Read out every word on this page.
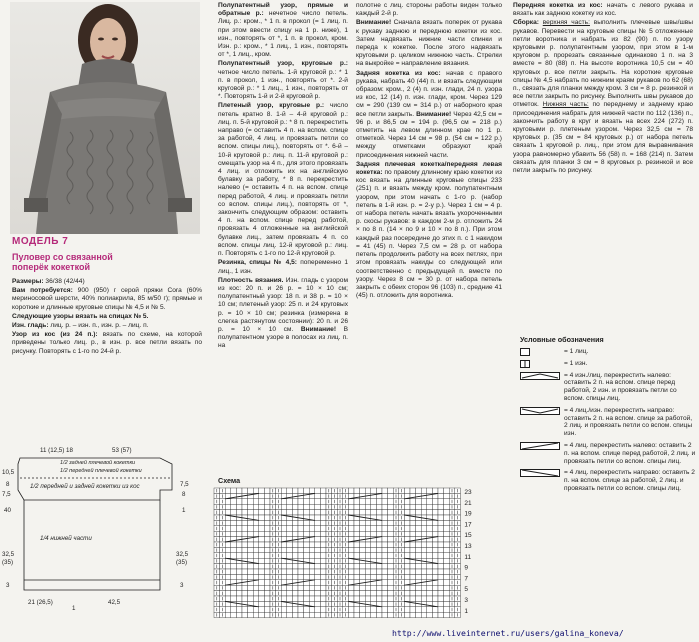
МОДЕЛЬ 7
Пуловер со связанной поперёк кокеткой

Размеры: 36/38 (42/44)

Вам потребуется: 900 (950) г серой пряжи Cora (60% мериносовой шерсти, 40% полиакрила, 85 м/50 г); прямые и короткие и длинные круговые спицы № 4,5 и № 5.

Следующие узоры вязать на спицах № 5.

Изн. гладь: лиц. р. – изн. п., изн. р. – лиц. п.

Узор из кос (из 24 п.): вязать по схеме, на которой приведены только лиц. р., в изн. р. все петли вязать по рисунку. Повторять с 1-го по 24-й р.

11 (12,5) 18	53 (57)
10,5
8
7,5
40
32,5
(35)
3
7,5
8
1
32,5
(35)
3
21 (26,5)	42,5
1
1/2 задней плечевой кокетки
1/2 передней плечевой кокетки
1/2 передней и задней кокетки из кос
1/4 нижней части

Полупатентный узор, прямые и обратные р.: нечетное число петель. Лиц. р.: кром., * 1 п. в прокол (= 1 лиц. п. при этом ввести спицу на 1 р. ниже), 1 изн., повторять от *, 1 п. в прокол, кром. Изн. р.: кром., * 1 лиц., 1 изн., повторять от *, 1 лиц., кром.

Полупатентный узор, круговые р.: четное число петель. 1-й круговой р.: * 1 п. в прокол, 1 изн., повторять от *. 2-й круговой р.: * 1 лиц., 1 изн., повторять от *. Повторять 1-й и 2-й круговой р.

Плетеный узор, круговые р.: число петель кратно 8. 1-й – 4-й круговой р.: лиц. п. 5-й круговой р.: * 8 п. перекрестить направо (= оставить 4 п. на вспом. спице за работой, 4 лиц. и провязать петли со вспом. спицы лиц.), повторять от *. 6-й – 10-й круговой р.: лиц. п. 11-й круговой р.: смещать узор на 4 п., для этого провязать 4 лиц. и отложить их на английскую булавку за работу, * 8 п. перекрестить налево (= оставить 4 п. на вспом. спице перед работой, 4 лиц. и провязать петли со вспом. спицы лиц.), повторять от *, закончить следующим образом: оставить 4 п. на вспом. спице перед работой, провязать 4 отложенные на английской булавке лиц., затем провязать 4 п. со вспом. спицы лиц. 12-й круговой р.: лиц. п. Повторять с 1-го по 12-й круговой р.

Резинка, спицы № 4,5: попеременно 1 лиц., 1 изн.

Плотность вязания. Изн. гладь с узором из кос: 20 п. и 26 р. = 10 × 10 см; полупатентный узор: 18 п. и 38 р. = 10 × 10 см; плетеный узор: 25 п. и 24 круговых р. = 10 × 10 см; резинка (измерена в слегка растянутом состоянии): 20 п. и 26 р. = 10 × 10 см. Внимание! В полупатентном узоре в полосах из лиц. п. на

полотне с лиц. стороны работы виден только каждый 2-й р.

Внимание! Сначала вязать поперек от рукава к рукаву заднюю и переднюю кокетки из кос. Затем надвязать нижние части спинки и переда к кокетке. После этого надвязать круговыми р. целиком нижнюю часть. Стрелки на выкройке = направление вязания.

Задняя кокетка из кос: начав с правого рукава, набрать 40 (44) п. и вязать следующим образом: кром., 2 (4) п. изн. глади, 24 п. узора из кос, 12 (14) п. изн. глади, кром. Через 129 см = 290 (139 см = 314 р.) от наборного края все петли закрыть. Внимание! Через 42,5 см = 96 р. и 86,5 см = 194 р. (96,5 см = 218 р.) отметить на левом длинном крае по 1 р. отметкой. Через 14 см = 98 р. (54 см = 122 р.) между отметками образуют край присоединения нижней части.

Задняя плечевая кокетка/передняя левая кокетка: по правому длинному краю кокетки из кос вязать на длинные круговые спицы 233 (251) п. и вязать между кром. полупатентным узором, при этом начать с 1-го р. (набор петель в 1-й изн. р. = 2-у р.). Через 1 см = 4 р. от набора петель начать вязать укороченными р. скосы рукавов: в каждом 2-м р. отложить 24 × по 8 п. (14 × по 9 и 10 × по 8 п.). При этом каждый раз посередине до этих п. с 1 накидом = 41 (45) п. Через 7,5 см = 28 р. от набора петель продолжить работу на всех петлях, при этом провязать накиды со следующей или соответственно с предыдущей п. вместе по узору. Через 8 см = 30 р. от набора петель закрыть с обеих сторон 96 (103) п., средние 41 (45) п. отложить для воротника.

Передняя кокетка из кос: начать с левого рукава и вязать как заднюю кокетку из кос.

Сборка: верхняя часть: выполнить плечевые швы/швы рукавов. Перевести на круговые спицы № 5 отложенные петли воротника и набрать из 82 (90) п. по узору круговыми р. полупатентным узором, при этом в 1-м круговом р. прорезать связанные одинаково 1 п. на 3 вместе = 80 (88) п. На высоте воротника 10,5 см = 40 круговых р. все петли закрыть. На короткие круговые спицы № 4,5 набрать по нижним краям рукавов по 62 (68) п., связать для планки между кром. 3 см = 8 р. резинкой и все петли закрыть по рисунку. Выполнить швы рукавов до отметок. Нижняя часть: по переднему и заднему краю присоединения набрать для нижней части по 112 (136) п., закончить работу в круг и вязать на всех 224 (272) п. круговыми р. плетеным узором. Через 32,5 см = 78 круговых р. (35 см = 84 круговых р.) от набора петель связать 1 круговой р. лиц., при этом для выравнивания узора равномерно убавить 56 (58) п. = 168 (214) п. Затем связать для планки 3 см = 8 круговых р. резинкой и все петли закрыть по рисунку.

Условные обозначения
= 1 лиц.
= 1 изн.
= 4 изн./лиц. перекрестить налево: оставить 2 п. на вспом. спице перед работой, 2 изн. и провязать петли со вспом. спицы лиц.
= 4 лиц./изн. перекрестить направо: оставить 2 п. на вспом. спице за работой, 2 лиц. и провязать петли со вспом. спицы изн.
= 4 лиц. перекрестить налево: оставить 2 п. на вспом. спице перед работой, 2 лиц. и провязать петли со вспом. спицы лиц.
= 4 лиц. перекрестить направо: оставить 2 п. на вспом. спице за работой, 2 лиц. и провязать петли со вспом. спицы лиц.
Схема
23
21
19
17
15
13
11
9
7
5
3
1
http://www.liveinternet.ru/users/galina_koneva/
